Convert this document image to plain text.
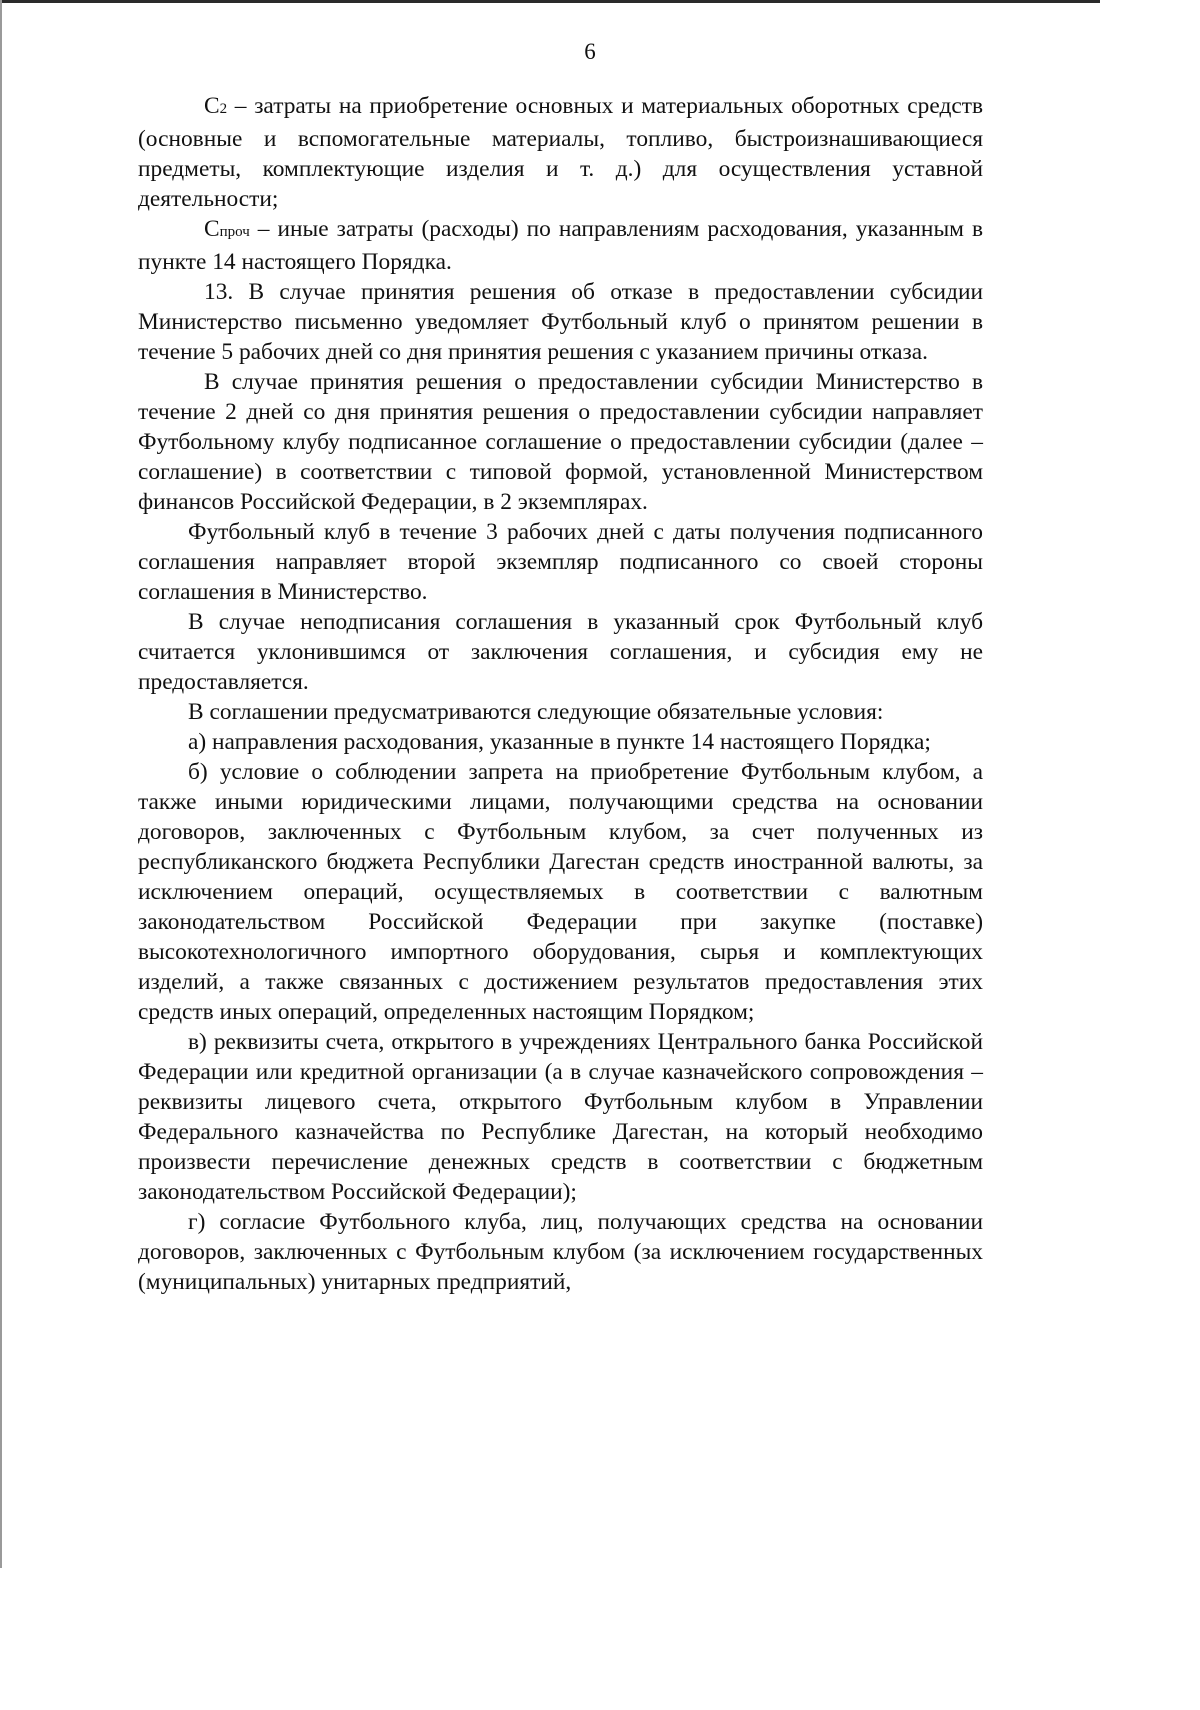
6

C2 – затраты на приобретение основных и материальных оборотных средств (основные и вспомогательные материалы, топливо, быстроизнашивающиеся предметы, комплектующие изделия и т. д.) для осуществления уставной деятельности;

Cпроч – иные затраты (расходы) по направлениям расходования, указанным в пункте 14 настоящего Порядка.

13. В случае принятия решения об отказе в предоставлении субсидии Министерство письменно уведомляет Футбольный клуб о принятом решении в течение 5 рабочих дней со дня принятия решения с указанием причины отказа.

В случае принятия решения о предоставлении субсидии Министерство в течение 2 дней со дня принятия решения о предоставлении субсидии направляет Футбольному клубу подписанное соглашение о предоставлении субсидии (далее – соглашение) в соответствии с типовой формой, установленной Министерством финансов Российской Федерации, в 2 экземплярах.

Футбольный клуб в течение 3 рабочих дней с даты получения подписанного соглашения направляет второй экземпляр подписанного со своей стороны соглашения в Министерство.

В случае неподписания соглашения в указанный срок Футбольный клуб считается уклонившимся от заключения соглашения, и субсидия ему не предоставляется.

В соглашении предусматриваются следующие обязательные условия:

а) направления расходования, указанные в пункте 14 настоящего Порядка;

б) условие о соблюдении запрета на приобретение Футбольным клубом, а также иными юридическими лицами, получающими средства на основании договоров, заключенных с Футбольным клубом, за счет полученных из республиканского бюджета Республики Дагестан средств иностранной валюты, за исключением операций, осуществляемых в соответствии с валютным законодательством Российской Федерации при закупке (поставке) высокотехнологичного импортного оборудования, сырья и комплектующих изделий, а также связанных с достижением результатов предоставления этих средств иных операций, определенных настоящим Порядком;

в) реквизиты счета, открытого в учреждениях Центрального банка Российской Федерации или кредитной организации (а в случае казначейского сопровождения – реквизиты лицевого счета, открытого Футбольным клубом в Управлении Федерального казначейства по Республике Дагестан, на который необходимо произвести перечисление денежных средств в соответствии с бюджетным законодательством Российской Федерации);

г) согласие Футбольного клуба, лиц, получающих средства на основании договоров, заключенных с Футбольным клубом (за исключением государственных (муниципальных) унитарных предприятий,
